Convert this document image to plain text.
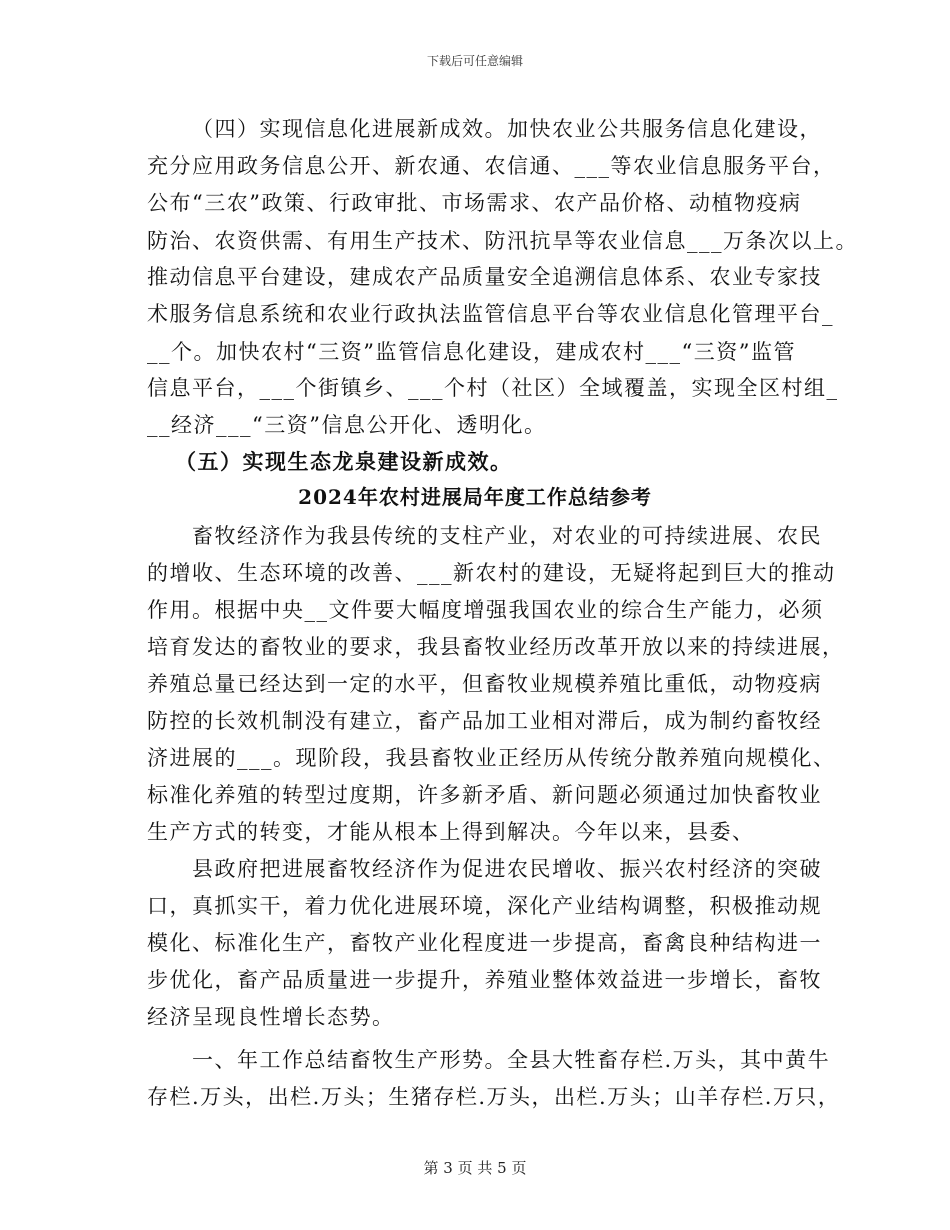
下载后可任意编辑
（四）实现信息化进展新成效。加快农业公共服务信息化建设，
充分应用政务信息公开、新农通、农信通、___等农业信息服务平台，
公布“三农”政策、行政审批、市场需求、农产品价格、动植物疫病
防治、农资供需、有用生产技术、防汛抗旱等农业信息___万条次以上。
推动信息平台建设，建成农产品质量安全追溯信息体系、农业专家技
术服务信息系统和农业行政执法监管信息平台等农业信息化管理平台_
__个。加快农村“三资”监管信息化建设，建成农村___“三资”监管
信息平台，___个街镇乡、___个村（社区）全域覆盖，实现全区村组_
__经济___“三资”信息公开化、透明化。
（五）实现生态龙泉建设新成效。
2024年农村进展局年度工作总结参考
畜牧经济作为我县传统的支柱产业，对农业的可持续进展、农民
的增收、生态环境的改善、___新农村的建设，无疑将起到巨大的推动
作用。根据中央__文件要大幅度增强我国农业的综合生产能力，必须
培育发达的畜牧业的要求，我县畜牧业经历改革开放以来的持续进展，
养殖总量已经达到一定的水平，但畜牧业规模养殖比重低，动物疫病
防控的长效机制没有建立，畜产品加工业相对滞后，成为制约畜牧经
济进展的___。现阶段，我县畜牧业正经历从传统分散养殖向规模化、
标准化养殖的转型过度期，许多新矛盾、新问题必须通过加快畜牧业
生产方式的转变，才能从根本上得到解决。今年以来，县委、
县政府把进展畜牧经济作为促进农民增收、振兴农村经济的突破
口，真抓实干，着力优化进展环境，深化产业结构调整，积极推动规
模化、标准化生产，畜牧产业化程度进一步提高，畜禽良种结构进一
步优化，畜产品质量进一步提升，养殖业整体效益进一步增长，畜牧
经济呈现良性增长态势。
一、年工作总结畜牧生产形势。全县大牲畜存栏.万头，其中黄牛
存栏.万头，出栏.万头；生猪存栏.万头，出栏.万头；山羊存栏.万只，
第 3 页 共 5 页
